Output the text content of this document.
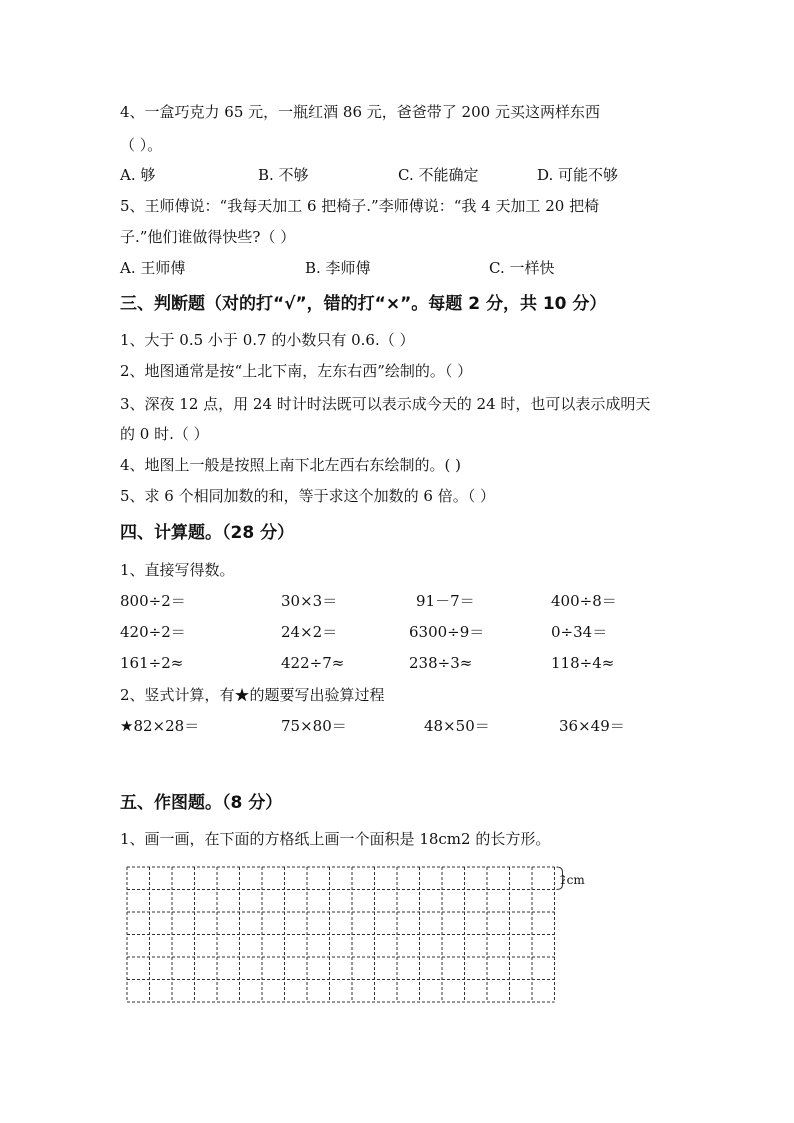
4、一盒巧克力 65 元，一瓶红酒 86 元，爸爸带了 200 元买这两样东西
（ ）。
A. 够	B. 不够	C. 不能确定	D. 可能不够
5、王师傅说：“我每天加工 6 把椅子.”李师傅说：“我 4 天加工 20 把椅
子.”他们谁做得快些?（ ）
A. 王师傅	B. 李师傅	C. 一样快
三、判断题（对的打“√”，错的打“×”。每题 2 分，共 10 分）
1、大于 0.5 小于 0.7 的小数只有 0.6.（ ）
2、地图通常是按“上北下南，左东右西”绘制的。（ ）
3、深夜 12 点，用 24 时计时法既可以表示成今天的 24 时，也可以表示成明天
的 0 时.（ ）
4、地图上一般是按照上南下北左西右东绘制的。( )
5、求 6 个相同加数的和，等于求这个加数的 6 倍。（ ）
四、计算题。（28 分）
1、直接写得数。
800÷2＝	30×3＝	91－7＝	400÷8＝
420÷2＝	24×2＝	6300÷9＝	0÷34＝
161÷2≈	422÷7≈	238÷3≈	118÷4≈
2、竖式计算，有★的题要写出验算过程
★82×28＝	75×80＝	48×50＝	36×49＝
五、作图题。（8 分）
1、画一画，在下面的方格纸上画一个面积是 18cm2 的长方形。
1cm
